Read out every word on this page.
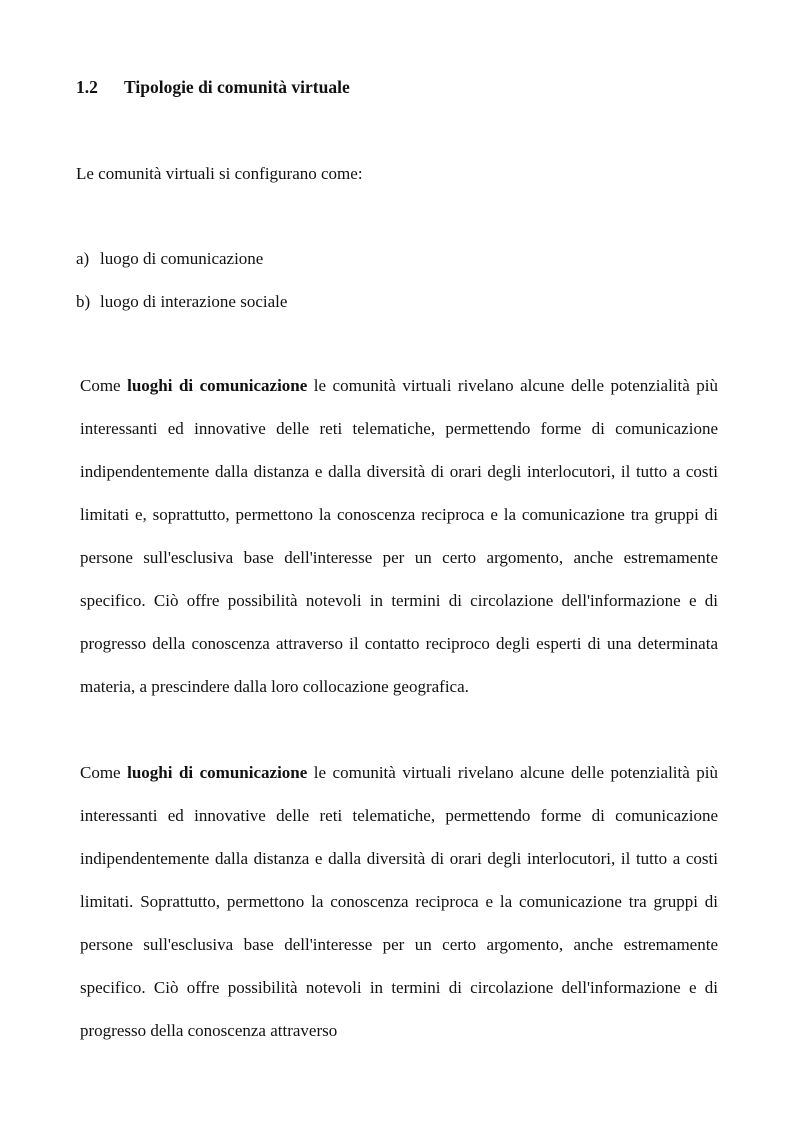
1.2 Tipologie di comunità virtuale
Le comunità virtuali si configurano come:
a) luogo di comunicazione
b) luogo di interazione sociale

Come luoghi di comunicazione le comunità virtuali rivelano alcune delle potenzialità più interessanti ed innovative delle reti telematiche, permettendo forme di comunicazione indipendentemente dalla distanza e dalla diversità di orari degli interlocutori, il tutto a costi limitati e, soprattutto, permettono la conoscenza reciproca e la comunicazione tra gruppi di persone sull'esclusiva base dell'interesse per un certo argomento, anche estremamente specifico. Ciò offre possibilità notevoli in termini di circolazione dell'informazione e di progresso della conoscenza attraverso il contatto reciproco degli esperti di una determinata materia, a prescindere dalla loro collocazione geografica.

Come luoghi di comunicazione le comunità virtuali rivelano alcune delle potenzialità più interessanti ed innovative delle reti telematiche, permettendo forme di comunicazione indipendentemente dalla distanza e dalla diversità di orari degli interlocutori, il tutto a costi limitati. Soprattutto, permettono la conoscenza reciproca e la comunicazione tra gruppi di persone sull'esclusiva base dell'interesse per un certo argomento, anche estremamente specifico. Ciò offre possibilità notevoli in termini di circolazione dell'informazione e di progresso della conoscenza attraverso
